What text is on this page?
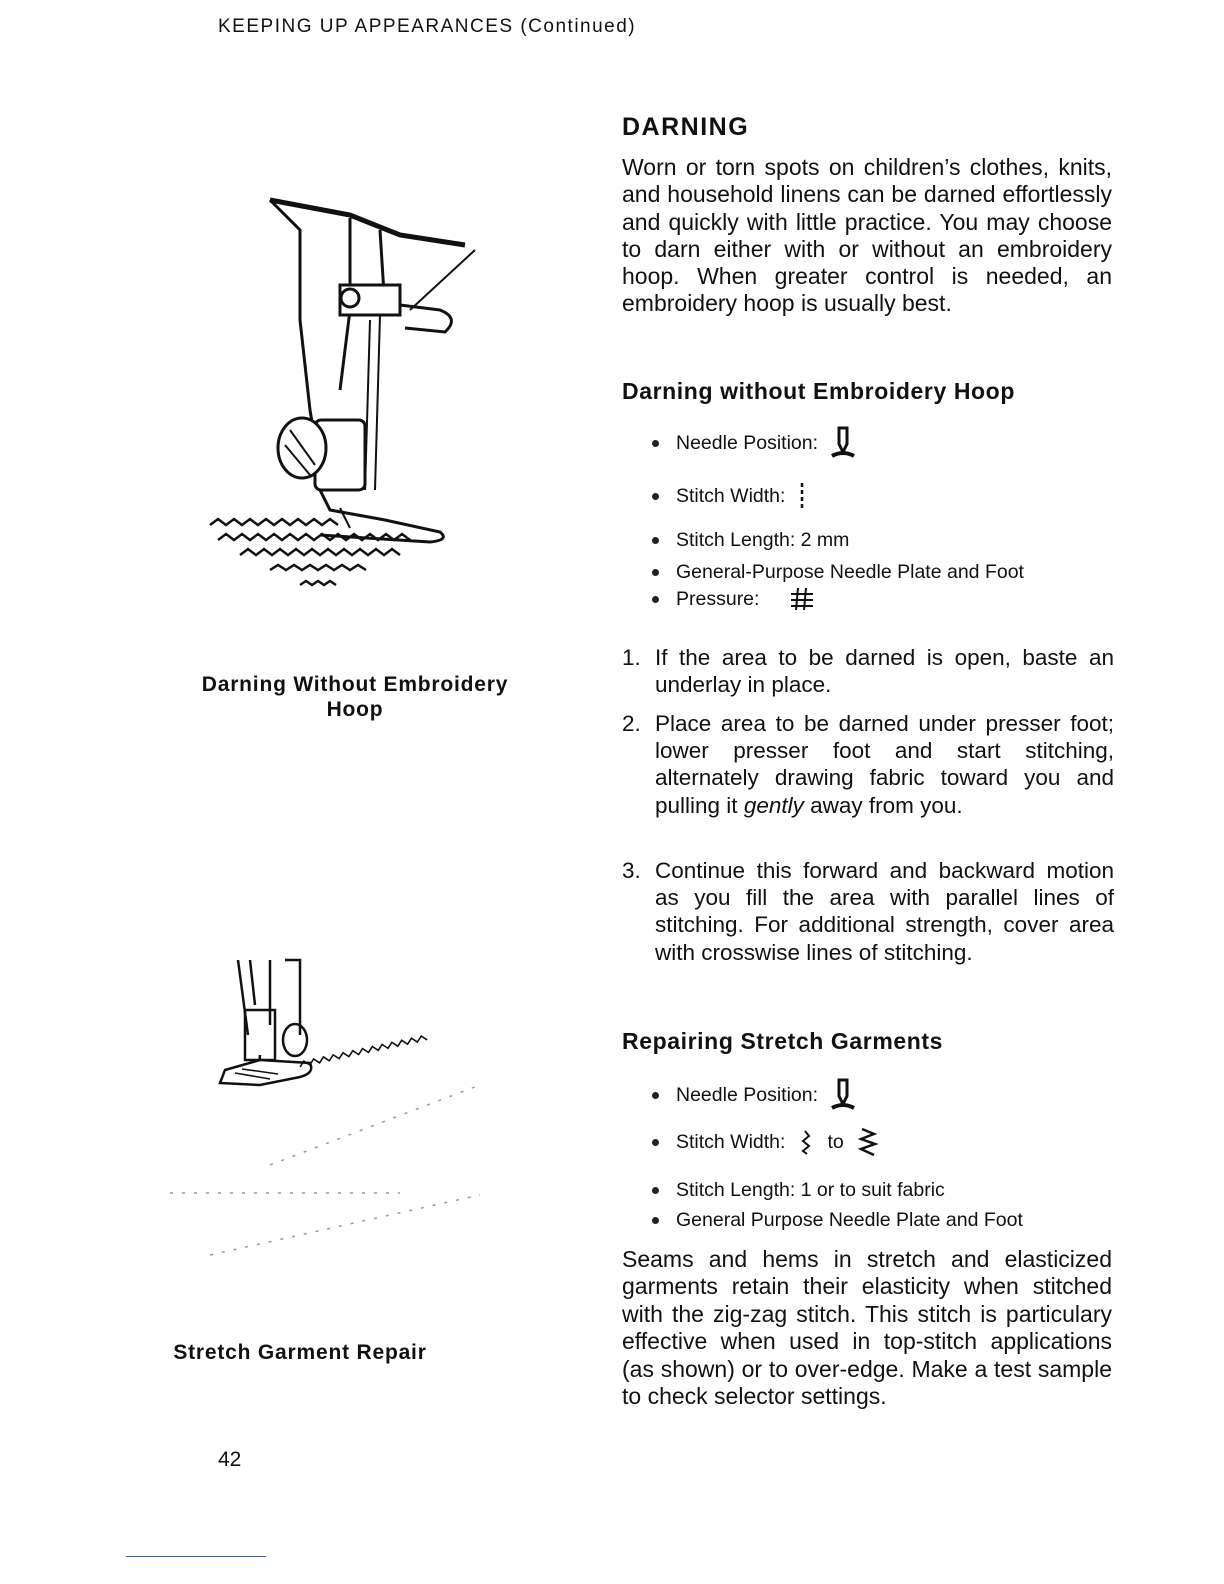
KEEPING UP APPEARANCES (Continued)
Darning Without Embroidery Hoop
Stretch Garment Repair
DARNING
Worn or torn spots on children’s clothes, knits, and household linens can be darned effortlessly and quickly with little practice. You may choose to darn either with or without an embroidery hoop. When greater control is needed, an embroidery hoop is usually best.
Darning without Embroidery Hoop
Needle Position:
Stitch Width:
Stitch Length: 2 mm
General-Purpose Needle Plate and Foot
Pressure:
1. If the area to be darned is open, baste an underlay in place.
2. Place area to be darned under presser foot; lower presser foot and start stitching, alternately drawing fabric toward you and pulling it gently away from you.
3. Continue this forward and backward motion as you fill the area with parallel lines of stitching. For additional strength, cover area with crosswise lines of stitching.
Repairing Stretch Garments
Needle Position:
Stitch Width: to
Stitch Length: 1 or to suit fabric
General Purpose Needle Plate and Foot
Seams and hems in stretch and elasticized garments retain their elasticity when stitched with the zig-zag stitch. This stitch is particulary effective when used in top-stitch applications (as shown) or to over-edge. Make a test sample to check selector settings.
42
